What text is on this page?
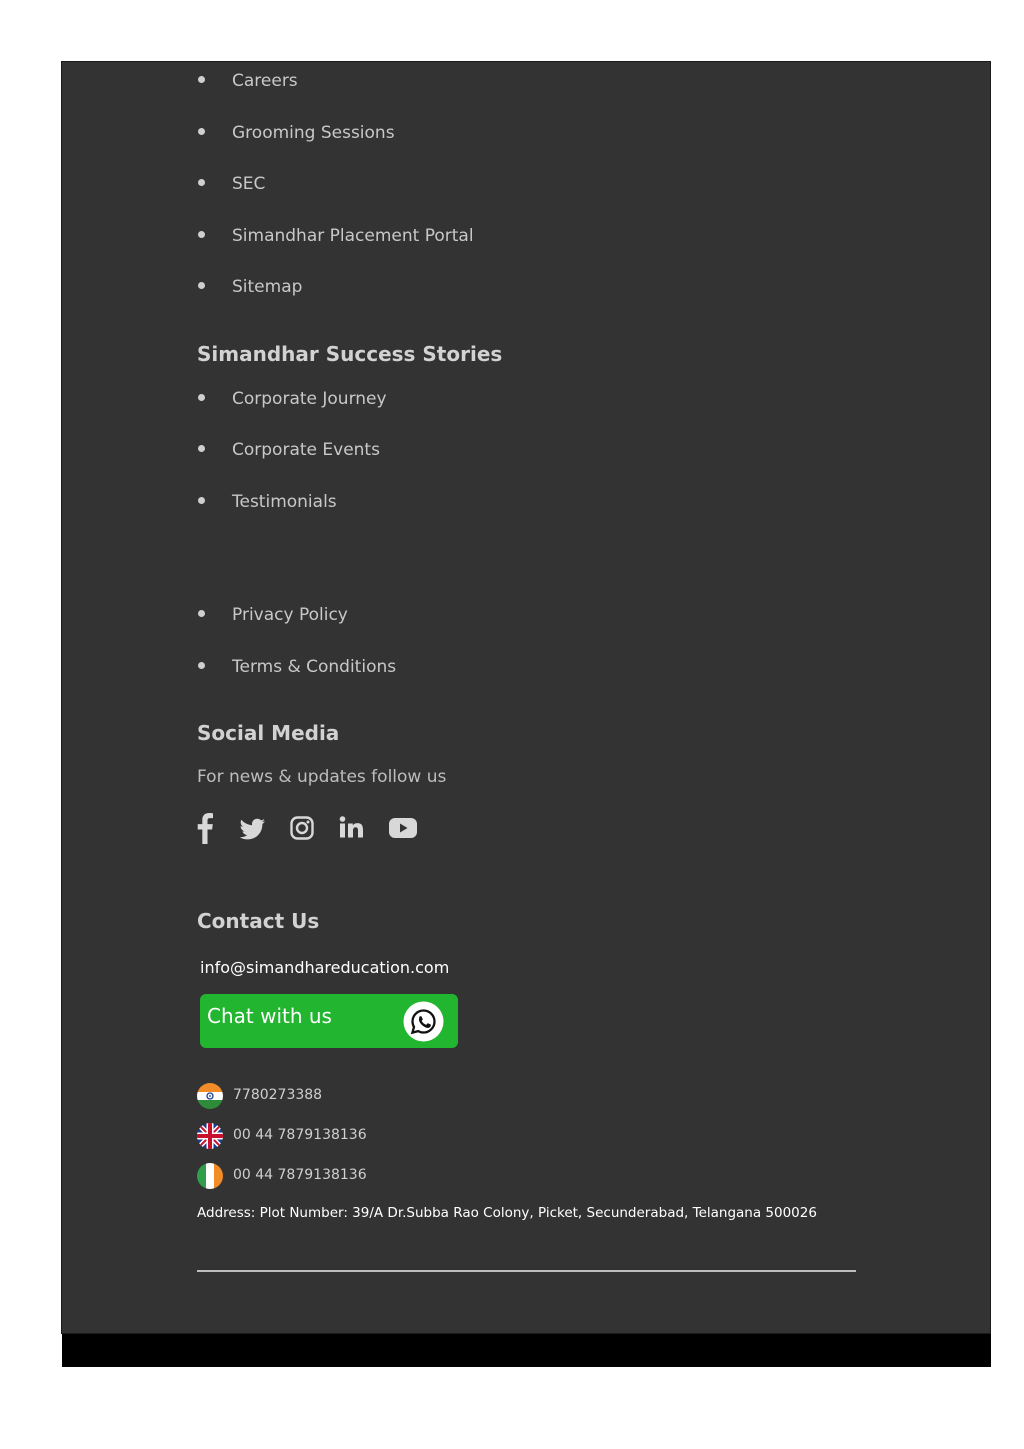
Careers
Grooming Sessions
SEC
Simandhar Placement Portal
Sitemap
Simandhar Success Stories
Corporate Journey
Corporate Events
Testimonials
Privacy Policy
Terms & Conditions
Social Media
For news & updates follow us
Contact Us
info@simandhareducation.com
Chat with us
7780273388
00 44 7879138136
00 44 7879138136
Address: Plot Number: 39/A Dr.Subba Rao Colony, Picket, Secunderabad, Telangana 500026
